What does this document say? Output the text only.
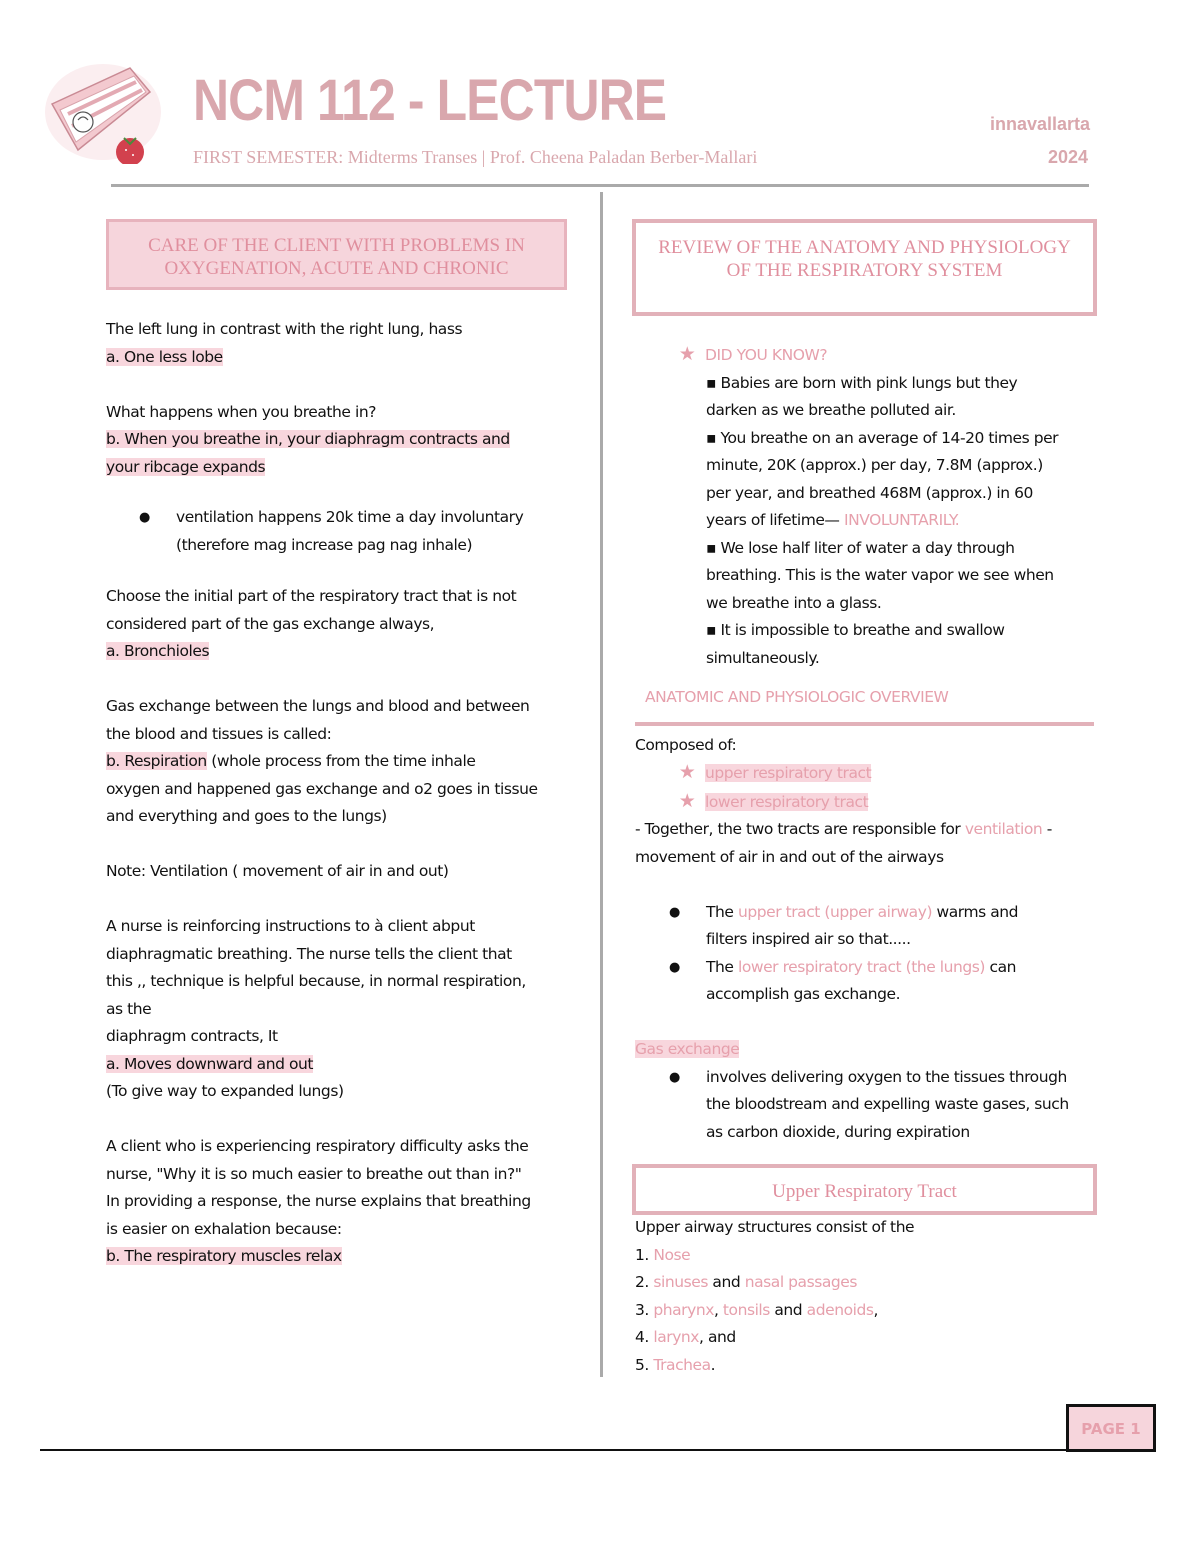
NCM 112 - LECTURE
FIRST SEMESTER: Midterms Transes | Prof. Cheena Paladan Berber-Mallari
innavallarta
2024
CARE OF THE CLIENT WITH PROBLEMS IN OXYGENATION, ACUTE AND CHRONIC
REVIEW OF THE ANATOMY AND PHYSIOLOGY OF THE RESPIRATORY SYSTEM
Upper Respiratory Tract

The left lung in contrast with the right lung, hass

a. One less lobe

What happens when you breathe in?

b. When you breathe in, your diaphragm contracts and

your ribcage expands

● ventilation happens 20k time a day involuntary

(therefore mag increase pag nag inhale)

Choose the initial part of the respiratory tract that is not

considered part of the gas exchange always,

a. Bronchioles

Gas exchange between the lungs and blood and between

the blood and tissues is called:

b. Respiration (whole process from the time inhale

oxygen and happened gas exchange and o2 goes in tissue

and everything and goes to the lungs)

Note: Ventilation ( movement of air in and out)

A nurse is reinforcing instructions to à client abput

diaphragmatic breathing. The nurse tells the client that

this ,, technique is helpful because, in normal respiration,

as the

diaphragm contracts, It

a. Moves downward and out

(To give way to expanded lungs)

A client who is experiencing respiratory difficulty asks the

nurse, "Why it is so much easier to breathe out than in?"

In providing a response, the nurse explains that breathing

is easier on exhalation because:

b. The respiratory muscles relax

★ DID YOU KNOW?

▪ Babies are born with pink lungs but they

darken as we breathe polluted air.

▪ You breathe on an average of 14-20 times per

minute, 20K (approx.) per day, 7.8M (approx.)

per year, and breathed 468M (approx.) in 60

years of lifetime— INVOLUNTARILY.

▪ We lose half liter of water a day through

breathing. This is the water vapor we see when

we breathe into a glass.

▪ It is impossible to breathe and swallow

simultaneously.

ANATOMIC AND PHYSIOLOGIC OVERVIEW

Composed of:

★ upper respiratory tract

★ lower respiratory tract

- Together, the two tracts are responsible for ventilation -

movement of air in and out of the airways

● The upper tract (upper airway) warms and

filters inspired air so that.....

● The lower respiratory tract (the lungs) can

accomplish gas exchange.

Gas exchange

● involves delivering oxygen to the tissues through

the bloodstream and expelling waste gases, such

as carbon dioxide, during expiration

Upper airway structures consist of the

1. Nose

2. sinuses and nasal passages

3. pharynx, tonsils and adenoids,

4. larynx, and

5. Trachea.

PAGE 1
